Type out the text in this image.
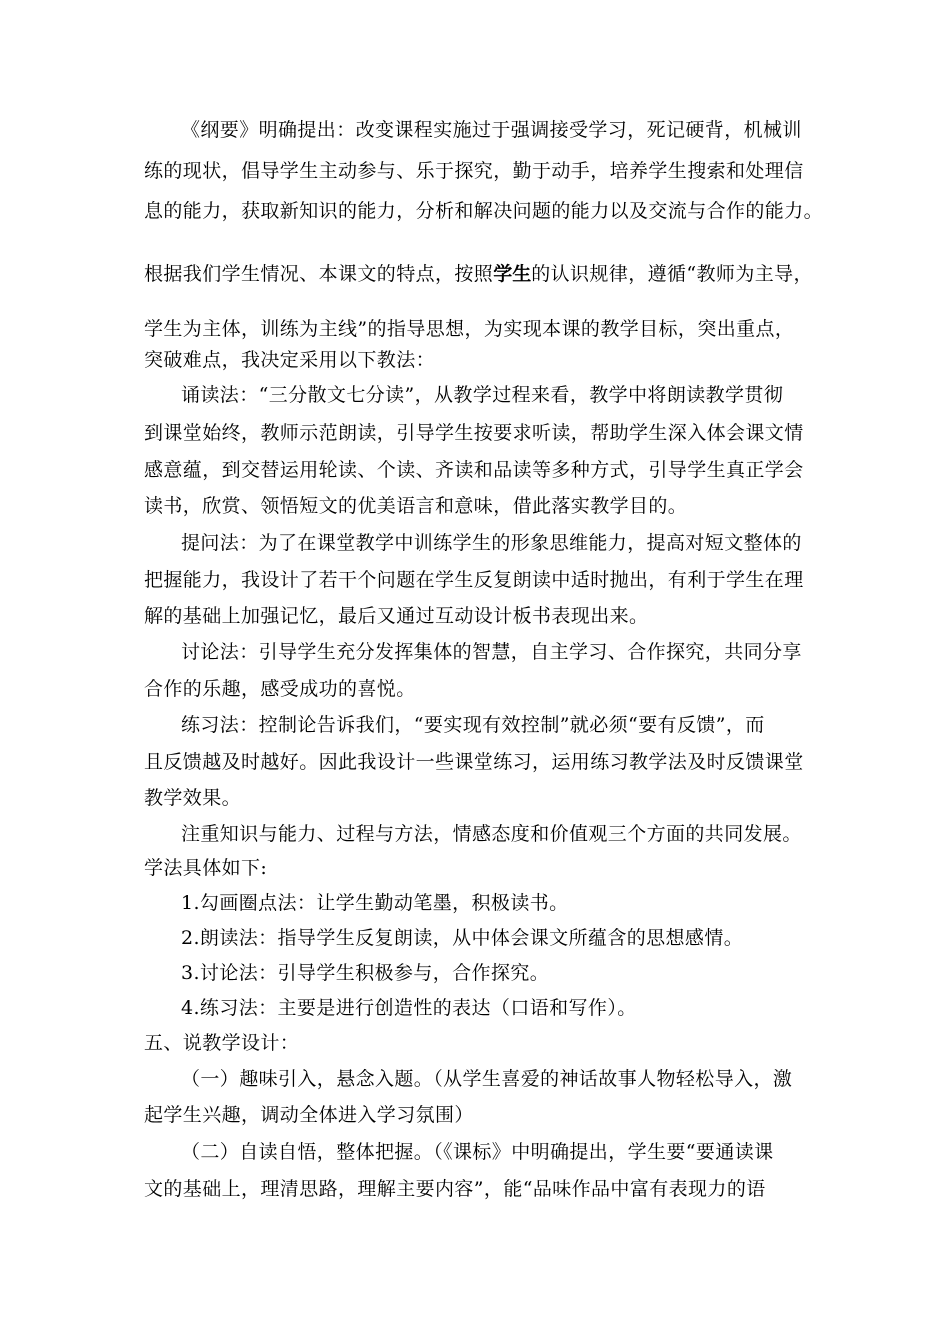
《纲要》明确提出：改变课程实施过于强调接受学习，死记硬背，机械训
练的现状，倡导学生主动参与、乐于探究，勤于动手，培养学生搜索和处理信
息的能力，获取新知识的能力，分析和解决问题的能力以及交流与合作的能力。
根据我们学生情况、本课文的特点，按照学生的认识规律，遵循“教师为主导，
学生为主体，训练为主线”的指导思想，为实现本课的教学目标，突出重点，
突破难点，我决定采用以下教法：
诵读法：“三分散文七分读”，从教学过程来看，教学中将朗读教学贯彻
到课堂始终，教师示范朗读，引导学生按要求听读，帮助学生深入体会课文情
感意蕴，到交替运用轮读、个读、齐读和品读等多种方式，引导学生真正学会
读书，欣赏、领悟短文的优美语言和意味，借此落实教学目的。
提问法：为了在课堂教学中训练学生的形象思维能力，提高对短文整体的
把握能力，我设计了若干个问题在学生反复朗读中适时抛出，有利于学生在理
解的基础上加强记忆，最后又通过互动设计板书表现出来。
讨论法：引导学生充分发挥集体的智慧，自主学习、合作探究，共同分享
合作的乐趣，感受成功的喜悦。
练习法：控制论告诉我们，“要实现有效控制”就必须“要有反馈”，而
且反馈越及时越好。因此我设计一些课堂练习，运用练习教学法及时反馈课堂
教学效果。
注重知识与能力、过程与方法，情感态度和价值观三个方面的共同发展。
学法具体如下:
1.勾画圈点法：让学生勤动笔墨，积极读书。
2.朗读法：指导学生反复朗读，从中体会课文所蕴含的思想感情。
3.讨论法：引导学生积极参与，合作探究。
4.练习法：主要是进行创造性的表达（口语和写作）。
五、说教学设计：
（一）趣味引入，悬念入题。（从学生喜爱的神话故事人物轻松导入，激
起学生兴趣，调动全体进入学习氛围）
（二）自读自悟，整体把握。（《课标》中明确提出，学生要“要通读课
文的基础上，理清思路，理解主要内容”，能“品味作品中富有表现力的语
